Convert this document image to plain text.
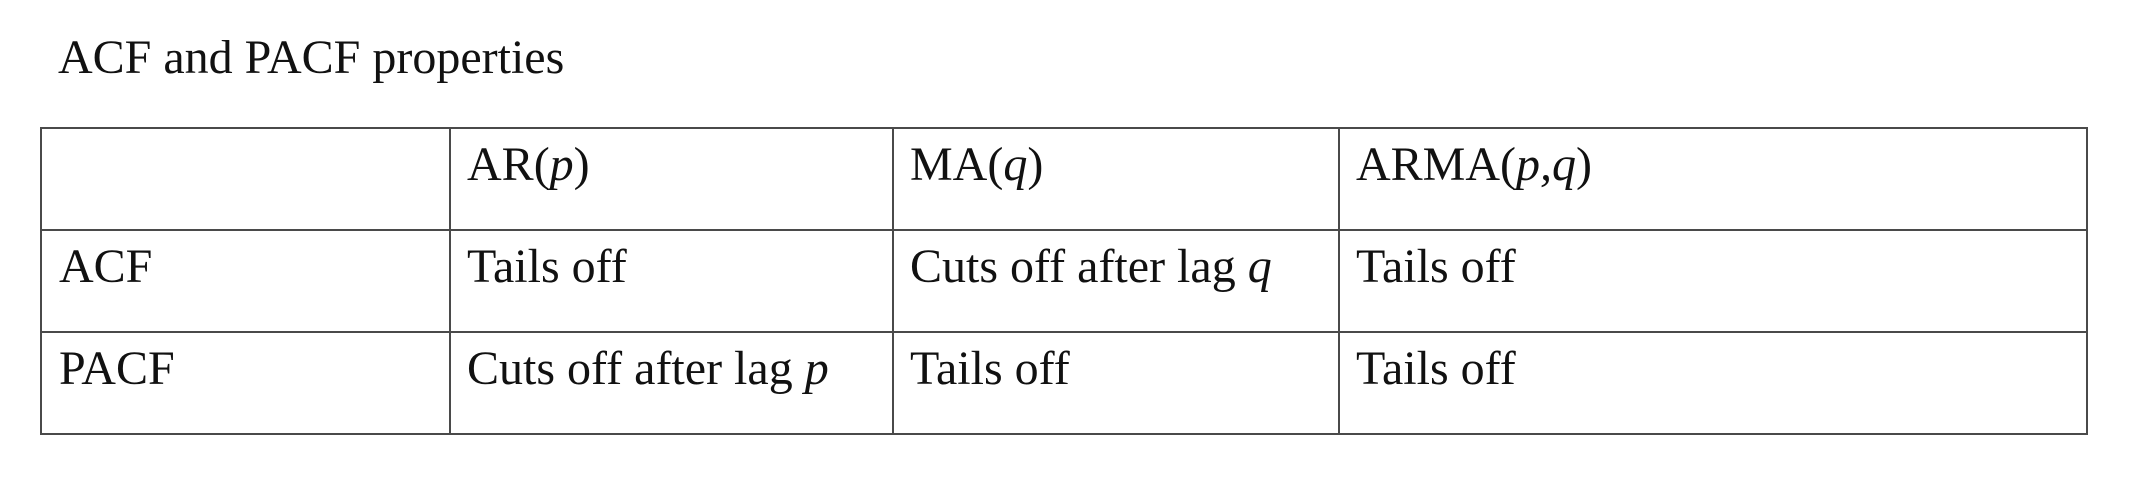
ACF and PACF properties
	AR(p)	MA(q)	ARMA(p,q)
ACF	Tails off	Cuts off after lag q	Tails off
PACF	Cuts off after lag p	Tails off	Tails off
